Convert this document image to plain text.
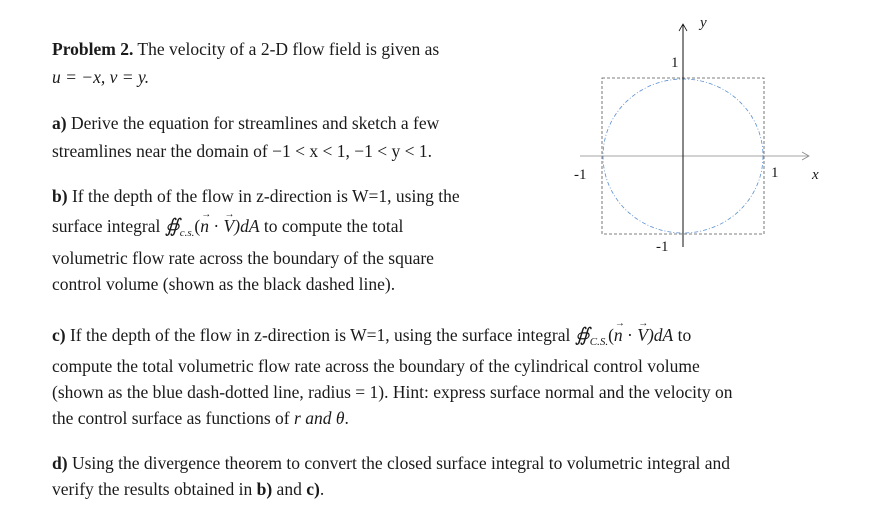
Problem 2. The velocity of a 2-D flow field is given as
u = −x, v = y.
a) Derive the equation for streamlines and sketch a few
streamlines near the domain of −1 < x < 1, −1 < y < 1.
b) If the depth of the flow in z-direction is W=1, using the
surface integral $∯_{c.s.}(\to n$ · → V)dA to compute the total
volumetric flow rate across the boundary of the square
control volume (shown as the black dashed line).
c) If the depth of the flow in z-direction is W=1, using the surface integral $∯_{C.S.}(\to n$ · → V)dA to
compute the total volumetric flow rate across the boundary of the cylindrical control volume
(shown as the blue dash-dotted line, radius = 1). Hint: express surface normal and the velocity on
the control surface as functions of r and θ.
d) Using the divergence theorem to convert the closed surface integral to volumetric integral and
verify the results obtained in b) and c).
y
1
-1	1 x
-1
